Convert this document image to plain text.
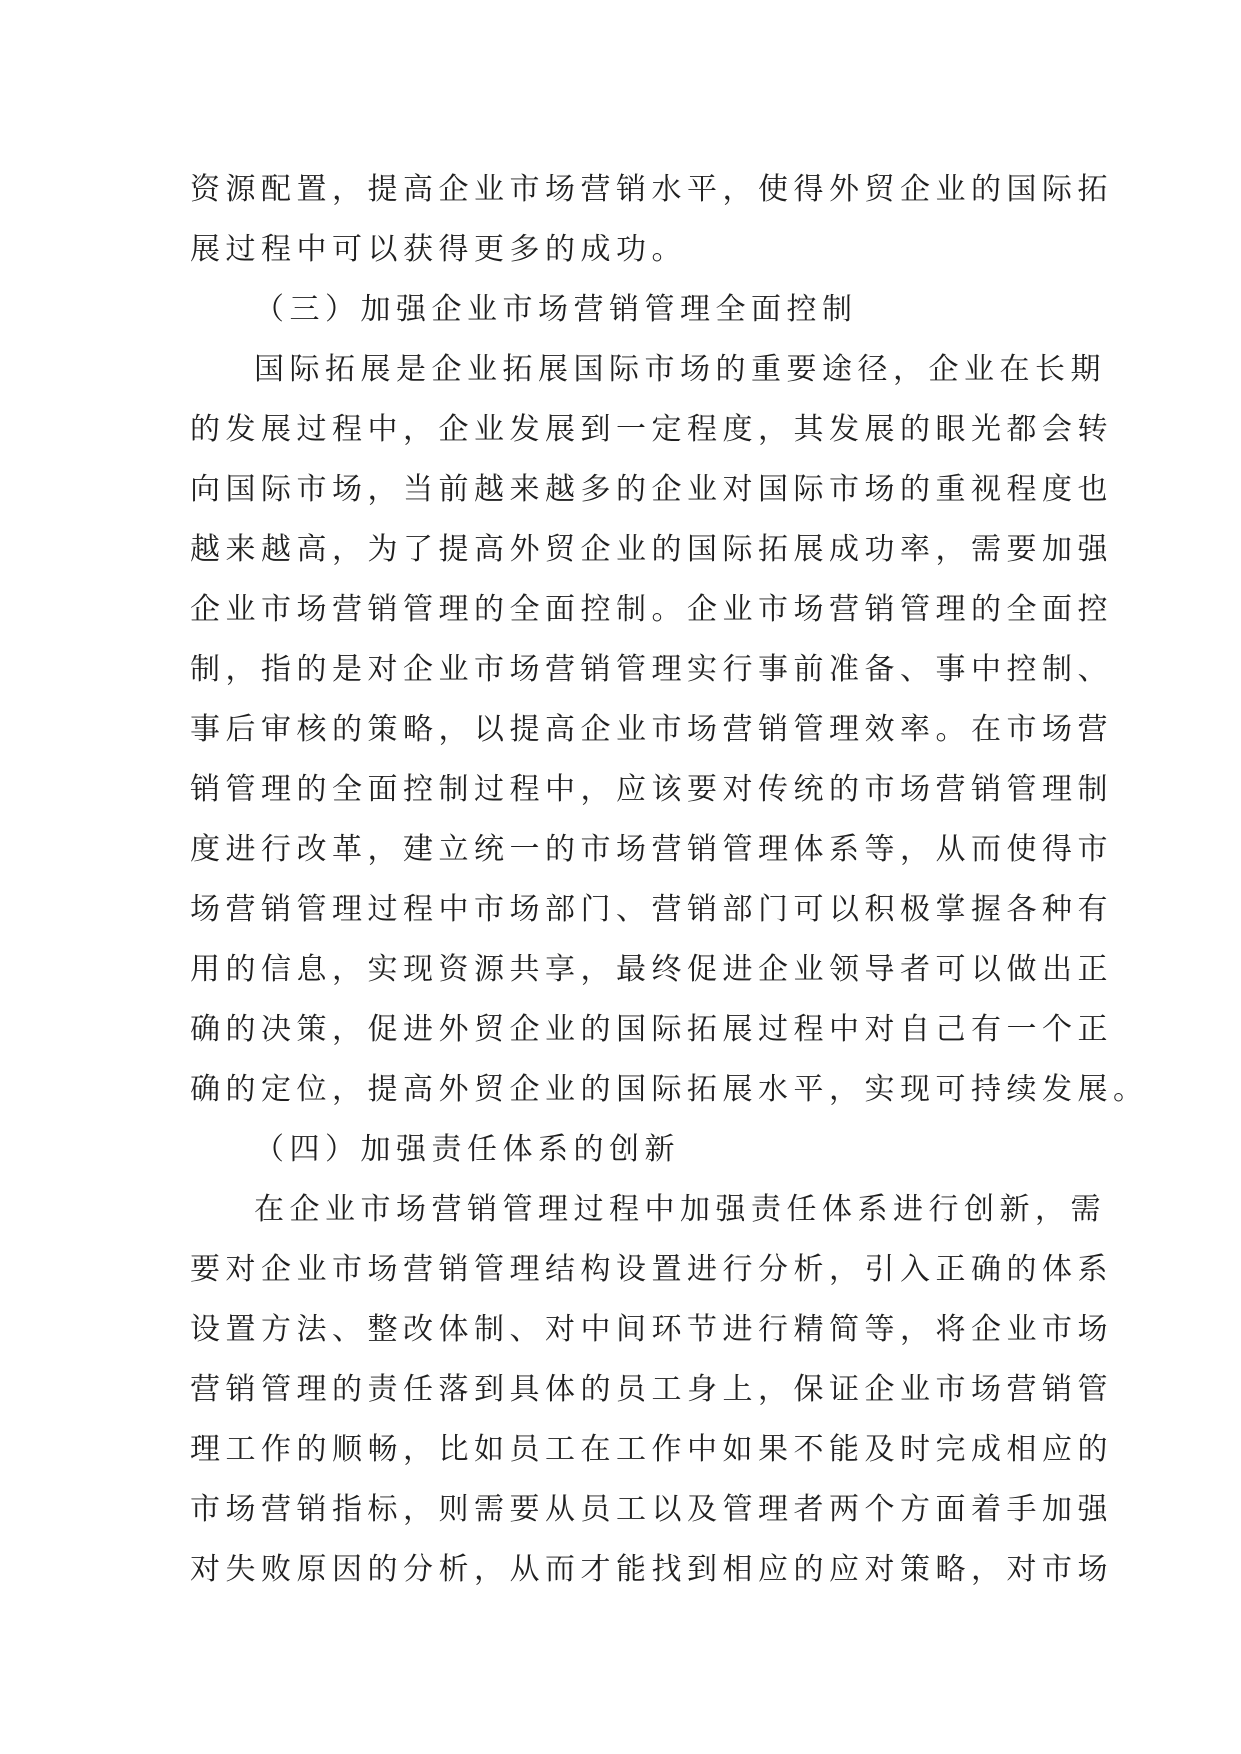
资源配置，提高企业市场营销水平，使得外贸企业的国际拓
展过程中可以获得更多的成功。
（三）加强企业市场营销管理全面控制
国际拓展是企业拓展国际市场的重要途径，企业在长期
的发展过程中，企业发展到一定程度，其发展的眼光都会转
向国际市场，当前越来越多的企业对国际市场的重视程度也
越来越高，为了提高外贸企业的国际拓展成功率，需要加强
企业市场营销管理的全面控制。企业市场营销管理的全面控
制，指的是对企业市场营销管理实行事前准备、事中控制、
事后审核的策略，以提高企业市场营销管理效率。在市场营
销管理的全面控制过程中，应该要对传统的市场营销管理制
度进行改革，建立统一的市场营销管理体系等，从而使得市
场营销管理过程中市场部门、营销部门可以积极掌握各种有
用的信息，实现资源共享，最终促进企业领导者可以做出正
确的决策，促进外贸企业的国际拓展过程中对自己有一个正
确的定位，提高外贸企业的国际拓展水平，实现可持续发展。
（四）加强责任体系的创新
在企业市场营销管理过程中加强责任体系进行创新，需
要对企业市场营销管理结构设置进行分析，引入正确的体系
设置方法、整改体制、对中间环节进行精简等，将企业市场
营销管理的责任落到具体的员工身上，保证企业市场营销管
理工作的顺畅，比如员工在工作中如果不能及时完成相应的
市场营销指标，则需要从员工以及管理者两个方面着手加强
对失败原因的分析，从而才能找到相应的应对策略，对市场
